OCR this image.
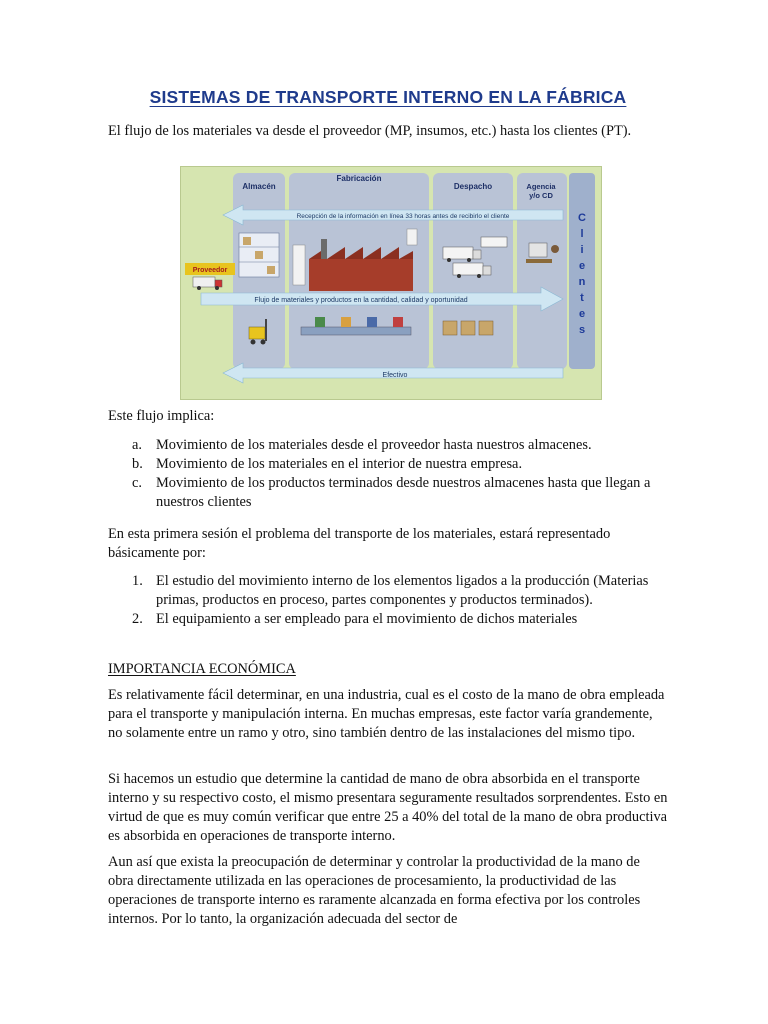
SISTEMAS DE TRANSPORTE INTERNO EN LA FÁBRICA

El flujo de los materiales va desde el proveedor (MP, insumos, etc.) hasta los clientes (PT).

Almacén
Fabricación
Despacho	Agencia
y/o CD
Recepción de la información en línea 33 horas antes de recibirlo el cliente
Proveedor
Flujo de materiales y productos en la cantidad, calidad y oportunidad
Efectivo
C
l
i
e
n
t
e
s

Este flujo implica:

a. Movimiento de los materiales desde el proveedor hasta nuestros almacenes.
b. Movimiento de los materiales en el interior de nuestra empresa.
c. Movimiento de los productos terminados desde nuestros almacenes hasta que llegan a nuestros clientes

En esta primera sesión el problema del transporte de los materiales, estará representado básicamente por:

1. El estudio del movimiento interno de los elementos ligados a la producción (Materias primas, productos en proceso, partes componentes y productos terminados).
2. El equipamiento a ser empleado para el movimiento de dichos materiales

IMPORTANCIA ECONÓMICA

Es relativamente fácil determinar, en una industria, cual es el costo de la mano de obra empleada para el transporte y manipulación interna. En muchas empresas, este factor varía grandemente, no solamente entre un ramo y otro, sino también dentro de las instalaciones del mismo tipo.

Si hacemos un estudio que determine la cantidad de mano de obra absorbida en el transporte interno y su respectivo costo, el mismo presentara seguramente resultados sorprendentes. Esto en virtud de que es muy común verificar que entre 25 a 40% del total de la mano de obra productiva es absorbida en operaciones de transporte interno.

Aun así que exista la preocupación de determinar y controlar la productividad de la mano de obra directamente utilizada en las operaciones de procesamiento, la productividad de las operaciones de transporte interno es raramente alcanzada en forma efectiva por los controles internos. Por lo tanto, la organización adecuada del sector de
